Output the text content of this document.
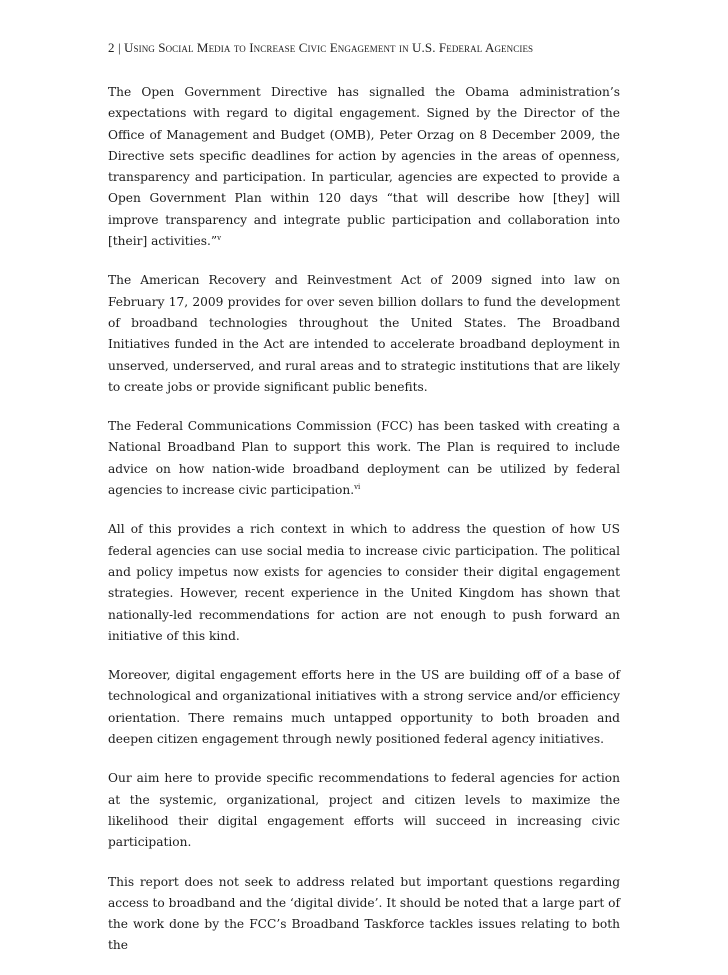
2 | Using Social Media to Increase Civic Engagement in U.S. Federal Agencies

The Open Government Directive has signalled the Obama administration’s expectations with regard to digital engagement. Signed by the Director of the Office of Management and Budget (OMB), Peter Orzag on 8 December 2009, the Directive sets specific deadlines for action by agencies in the areas of openness, transparency and participation. In particular, agencies are expected to provide a Open Government Plan within 120 days “that will describe how [they] will improve transparency and integrate public participation and collaboration into [their] activities.”$^v$

The American Recovery and Reinvestment Act of 2009 signed into law on February 17, 2009 provides for over seven billion dollars to fund the development of broadband technologies throughout the United States. The Broadband Initiatives funded in the Act are intended to accelerate broadband deployment in unserved, underserved, and rural areas and to strategic institutions that are likely to create jobs or provide significant public benefits.

The Federal Communications Commission (FCC) has been tasked with creating a National Broadband Plan to support this work. The Plan is required to include advice on how nation-wide broadband deployment can be utilized by federal agencies to increase civic participation.$^{vi}$

All of this provides a rich context in which to address the question of how US federal agencies can use social media to increase civic participation. The political and policy impetus now exists for agencies to consider their digital engagement strategies. However, recent experience in the United Kingdom has shown that nationally-led recommendations for action are not enough to push forward an initiative of this kind.

Moreover, digital engagement efforts here in the US are building off of a base of technological and organizational initiatives with a strong service and/or efficiency orientation. There remains much untapped opportunity to both broaden and deepen citizen engagement through newly positioned federal agency initiatives.

Our aim here to provide specific recommendations to federal agencies for action at the systemic, organizational, project and citizen levels to maximize the likelihood their digital engagement efforts will succeed in increasing civic participation.

This report does not seek to address related but important questions regarding access to broadband and the ‘digital divide’. It should be noted that a large part of the work done by the FCC’s Broadband Taskforce tackles issues relating to both the
